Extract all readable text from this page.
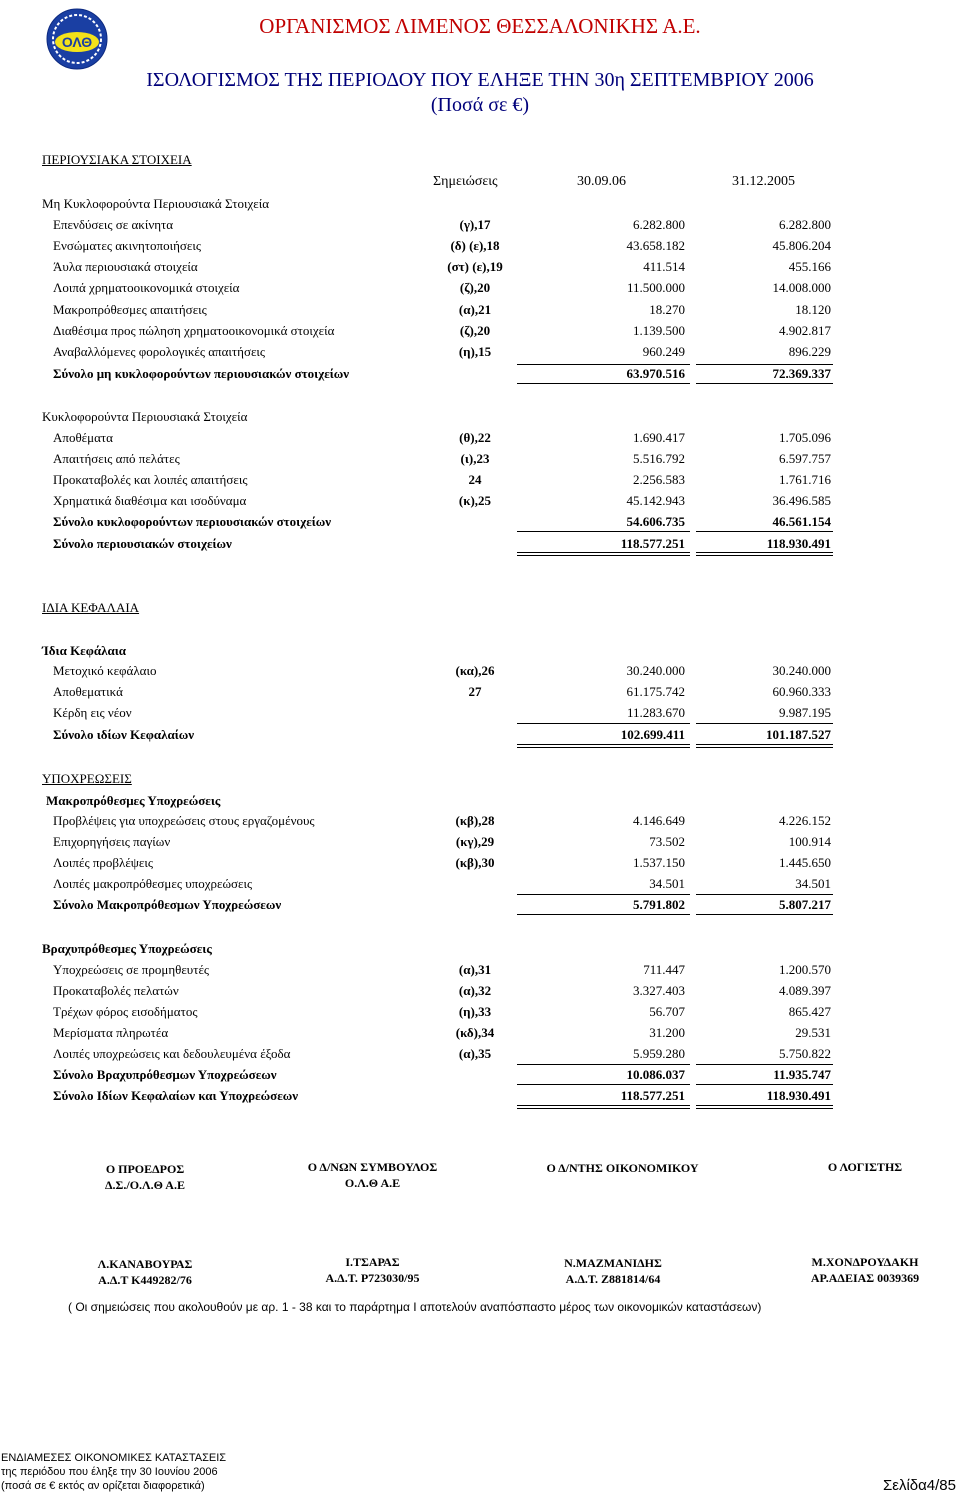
ΟΛΘ
ΟΡΓΑΝΙΣΜΟΣ ΛΙΜΕΝΟΣ ΘΕΣΣΑΛΟΝΙΚΗΣ Α.Ε.
ΙΣΟΛΟΓΙΣΜΟΣ ΤΗΣ ΠΕΡΙΟΔΟΥ ΠΟΥ ΕΛΗΞΕ ΤΗΝ 30η ΣΕΠΤΕΜΒΡΙΟΥ 2006
(Ποσά σε €)
ΠΕΡΙΟΥΣΙΑΚΑ ΣΤΟΙΧΕΙΑ
Σημειώσεις	30.09.06	31.12.2005
Μη Κυκλοφορούντα Περιουσιακά Στοιχεία
Επενδύσεις σε ακίνητα	(γ),17	6.282.800	6.282.800
Ενσώματες ακινητοποιήσεις	(δ) (ε),18	43.658.182	45.806.204
Άυλα περιουσιακά στοιχεία	(στ) (ε),19	411.514	455.166
Λοιπά χρηματοοικονομικά στοιχεία	(ζ),20	11.500.000	14.008.000
Μακροπρόθεσμες απαιτήσεις	(α),21	18.270	18.120
Διαθέσιμα προς πώληση χρηματοοικονομικά στοιχεία	(ζ),20	1.139.500	4.902.817
Αναβαλλόμενες φορολογικές απαιτήσεις	(η),15	960.249	896.229
Σύνολο μη κυκλοφορούντων περιουσιακών στοιχείων	63.970.516	72.369.337
Κυκλοφορούντα Περιουσιακά Στοιχεία
Αποθέματα	(θ),22	1.690.417	1.705.096
Απαιτήσεις από πελάτες	(ι),23	5.516.792	6.597.757
Προκαταβολές και λοιπές απαιτήσεις	24	2.256.583	1.761.716
Χρηματικά διαθέσιμα και ισοδύναμα	(κ),25	45.142.943	36.496.585
Σύνολο κυκλοφορούντων περιουσιακών στοιχείων	54.606.735	46.561.154
Σύνολο περιουσιακών στοιχείων	118.577.251	118.930.491
ΙΔΙΑ ΚΕΦΑΛΑΙΑ
Ίδια Κεφάλαια
Μετοχικό κεφάλαιο	(κα),26	30.240.000	30.240.000
Αποθεματικά	27	61.175.742	60.960.333
Κέρδη εις νέον	11.283.670	9.987.195
Σύνολο ιδίων Κεφαλαίων	102.699.411	101.187.527
ΥΠΟΧΡΕΩΣΕΙΣ
Μακροπρόθεσμες Υποχρεώσεις
Προβλέψεις για υποχρεώσεις στους εργαζομένους	(κβ),28	4.146.649	4.226.152
Επιχορηγήσεις παγίων	(κγ),29	73.502	100.914
Λοιπές προβλέψεις	(κβ),30	1.537.150	1.445.650
Λοιπές μακροπρόθεσμες υποχρεώσεις	34.501	34.501
Σύνολο Μακροπρόθεσμων Υποχρεώσεων	5.791.802	5.807.217
Βραχυπρόθεσμες Υποχρεώσεις
Υποχρεώσεις σε προμηθευτές	(α),31	711.447	1.200.570
Προκαταβολές πελατών	(α),32	3.327.403	4.089.397
Τρέχων φόρος εισοδήματος	(η),33	56.707	865.427
Μερίσματα πληρωτέα	(κδ),34	31.200	29.531
Λοιπές υποχρεώσεις και δεδουλευμένα έξοδα	(α),35	5.959.280	5.750.822
Σύνολο Βραχυπρόθεσμων Υποχρεώσεων	10.086.037	11.935.747
Σύνολο Ιδίων Κεφαλαίων και Υποχρεώσεων	118.577.251	118.930.491
Ο ΠΡΟΕΔΡΟΣ
Δ.Σ./Ο.Λ.Θ Α.Ε
Ο Δ/ΝΩΝ ΣΥΜΒΟΥΛΟΣ
Ο.Λ.Θ Α.Ε
Ο Δ/ΝΤΗΣ ΟΙΚΟΝΟΜΙΚΟΥ	Ο ΛΟΓΙΣΤΗΣ
Λ.ΚΑΝΑΒΟΥΡΑΣ
Α.Δ.Τ Κ449282/76
Ι.ΤΣΑΡΑΣ
Α.Δ.Τ. Ρ723030/95
Ν.ΜΑΖΜΑΝΙΔΗΣ
Α.Δ.Τ. Ζ881814/64
Μ.ΧΟΝΔΡΟΥΔΑΚΗ
ΑΡ.ΑΔΕΙΑΣ 0039369
( Οι σημειώσεις που ακολουθούν με αρ. 1 - 38 και το παράρτημα Ι αποτελούν αναπόσπαστο μέρος των οικονομικών καταστάσεων)
ΕΝΔΙΑΜΕΣΕΣ ΟΙΚΟΝΟΜΙΚΕΣ ΚΑΤΑΣΤΑΣΕΙΣ
της περιόδου που έληξε την 30 Ιουνίου 2006
(ποσά σε € εκτός αν ορίζεται διαφορετικά)	Σελίδα4/85
